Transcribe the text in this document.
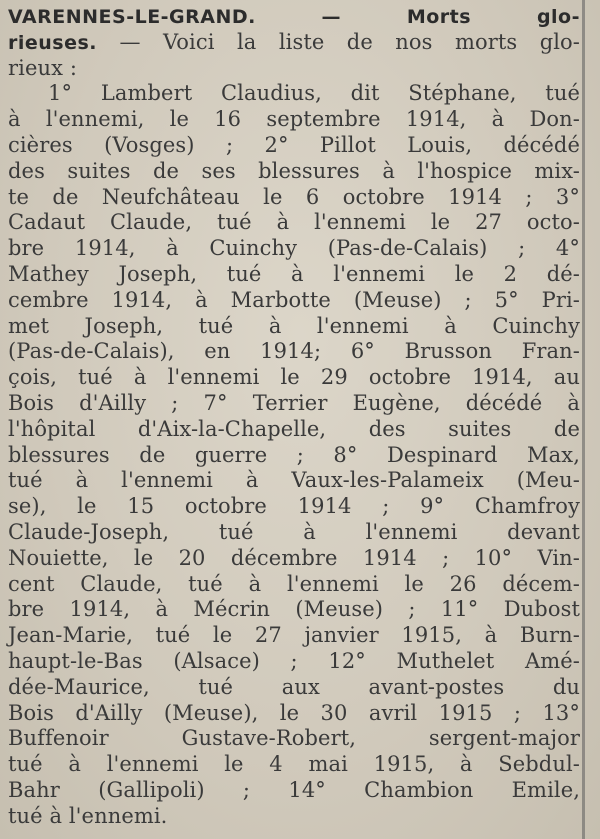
VARENNES-LE-GRAND.	— Morts glo-
rieuses. — Voici la liste de nos morts glo-
rieux :
1° Lambert Claudius, dit Stéphane, tué
à l'ennemi, le 16 septembre 1914, à Don-
cières (Vosges) ; 2° Pillot Louis, décédé
des suites de ses blessures à l'hospice mix-
te de Neufchâteau le 6 octobre 1914 ; 3°
Cadaut Claude, tué à l'ennemi le 27 octo-
bre 1914, à Cuinchy (Pas-de-Calais) ; 4°
Mathey Joseph, tué à l'ennemi le 2 dé-
cembre 1914, à Marbotte (Meuse) ; 5° Pri-
met Joseph, tué à l'ennemi à Cuinchy
(Pas-de-Calais), en 1914; 6° Brusson Fran-
çois, tué à l'ennemi le 29 octobre 1914, au
Bois d'Ailly ; 7° Terrier Eugène, décédé à
l'hôpital d'Aix-la-Chapelle, des suites de
blessures de guerre ; 8° Despinard Max,
tué à l'ennemi à Vaux-les-Palameix (Meu-
se), le 15 octobre 1914 ; 9° Chamfroy
Claude-Joseph, tué à l'ennemi devant
Nouiette, le 20 décembre 1914 ; 10° Vin-
cent Claude, tué à l'ennemi le 26 décem-
bre 1914, à Mécrin (Meuse) ; 11° Dubost
Jean-Marie, tué le 27 janvier 1915, à Burn-
haupt-le-Bas (Alsace) ; 12° Muthelet Amé-
dée-Maurice, tué aux avant-postes du
Bois d'Ailly (Meuse), le 30 avril 1915 ; 13°
Buffenoir Gustave-Robert, sergent-major
tué à l'ennemi le 4 mai 1915, à Sebdul-
Bahr (Gallipoli) ; 14° Chambion Emile,
tué à l'ennemi.
